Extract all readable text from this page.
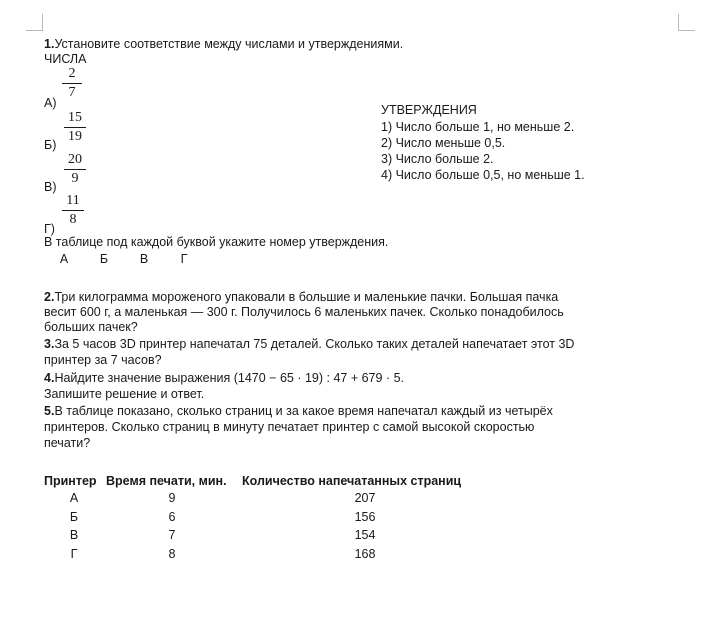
1.Установите соответствие между числами и утверждениями.
ЧИСЛА
А)
2
7
Б)
15
19
В)
20
9
Г)
11
8
УТВЕРЖДЕНИЯ
1) Число больше 1, но меньше 2.
2) Число меньше 0,5.
3) Число больше 2.
4) Число больше 0,5, но меньше 1.
В таблице под каждой буквой укажите номер утверждения.
А	Б	В	Г
2.Три килограмма мороженого упаковали в большие и маленькие пачки. Большая пачка
весит 600 г, а маленькая — 300 г. Получилось 6 маленьких пачек. Сколько понадобилось
больших пачек?
3.За 5 часов 3D принтер напечатал 75 деталей. Сколько таких деталей напечатает этот 3D
принтер за 7 часов?
4.Найдите значение выражения (1470 − 65 · 19) : 47 + 679 · 5.
Запишите решение и ответ.
5.В таблице показано, сколько страниц и за какое время напечатал каждый из четырёх
принтеров. Сколько страниц в минуту печатает принтер с самой высокой скоростью
печати?
Принтер Время печати, мин. Количество напечатанных страниц
А	9	207
Б	6	156
В	7	154
Г	8	168
